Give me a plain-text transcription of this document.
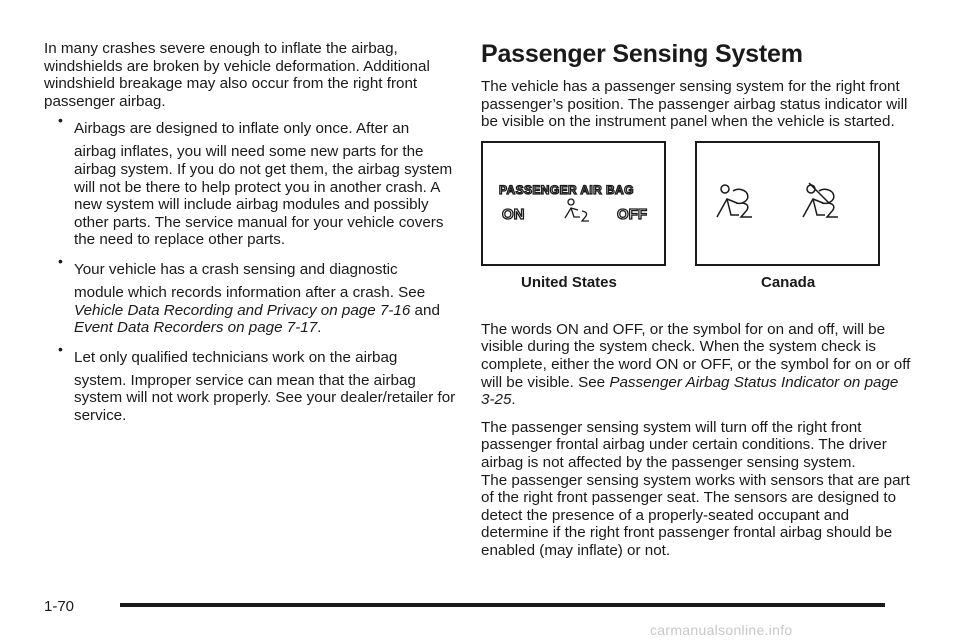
In many crashes severe enough to inflate the airbag, windshields are broken by vehicle deformation. Additional windshield breakage may also occur from the right front passenger airbag.

• Airbags are designed to inflate only once. After an
airbag inflates, you will need some new parts for the airbag system. If you do not get them, the airbag system will not be there to help protect you in another crash. A new system will include airbag modules and possibly other parts. The service manual for your vehicle covers the need to replace other parts.
• Your vehicle has a crash sensing and diagnostic
module which records information after a crash. See Vehicle Data Recording and Privacy on page 7-16 and Event Data Recorders on page 7-17.
• Let only qualified technicians work on the airbag
system. Improper service can mean that the airbag system will not work properly. See your dealer/retailer for service.
Passenger Sensing System

The vehicle has a passenger sensing system for the right front passenger’s position. The passenger airbag status indicator will be visible on the instrument panel when the vehicle is started.

PASSENGER AIR BAG
ON	OFF
United States	Canada

The words ON and OFF, or the symbol for on and off, will be visible during the system check. When the system check is complete, either the word ON or OFF, or the symbol for on or off will be visible. See Passenger Airbag Status Indicator on page 3-25.

The passenger sensing system will turn off the right front passenger frontal airbag under certain conditions. The driver airbag is not affected by the passenger sensing system.

The passenger sensing system works with sensors that are part of the right front passenger seat. The sensors are designed to detect the presence of a properly-seated occupant and determine if the right front passenger frontal airbag should be enabled (may inflate) or not.

1-70
carmanualsonline.info
